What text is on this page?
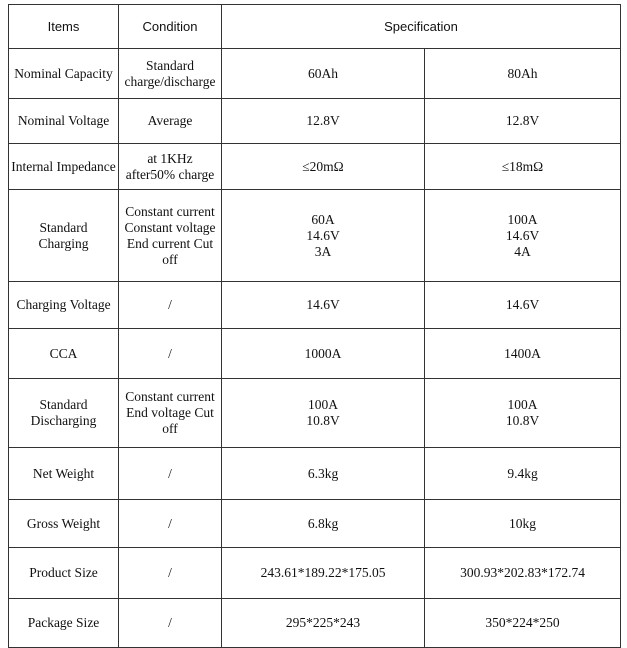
Items	Condition	Specification	

Nominal Capacity	Standard
charge/discharge	60Ah	80Ah

Nominal Voltage	Average	12.8V	12.8V

Internal Impedance	at 1KHz
after50% charge	≤20mΩ	≤18mΩ

Standard
Charging	Constant current
Constant voltage
End current Cut
off	60A
14.6V
3A	100A
14.6V
4A

Charging Voltage	/	14.6V	14.6V

CCA	/	1000A	1400A

Standard
Discharging	Constant current
End voltage Cut
off	100A
10.8V	100A
10.8V

Net Weight	/	6.3kg	9.4kg

Gross Weight	/	6.8kg	10kg

Product Size	/	243.61*189.22*175.05	300.93*202.83*172.74

Package Size	/	295*225*243	350*224*250
